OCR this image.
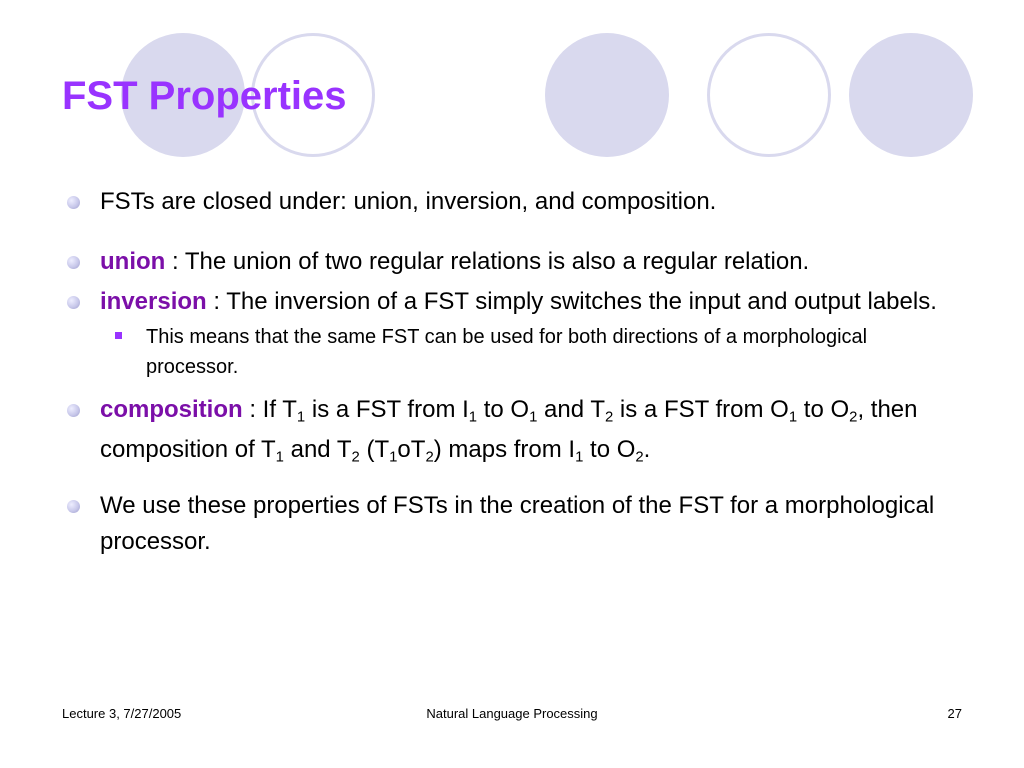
FST Properties
FSTs are closed under: union, inversion, and composition.
union : The union of two regular relations is also a regular relation.
inversion : The inversion of a FST simply switches the input and output labels.
This means that the same FST can be used for both directions of a morphological processor.
composition : If $T_1$ is a FST from $I_1$ to $O_1$ and $T_2$ is a FST from $O_1$ to $O_2$, then composition of $T_1$ and $T_2$ $(T_1oT_2)$ maps from $I_1$ to $O_2$.
We use these properties of FSTs in the creation of the FST for a morphological processor.
Lecture 3, 7/27/2005	Natural Language Processing	27
